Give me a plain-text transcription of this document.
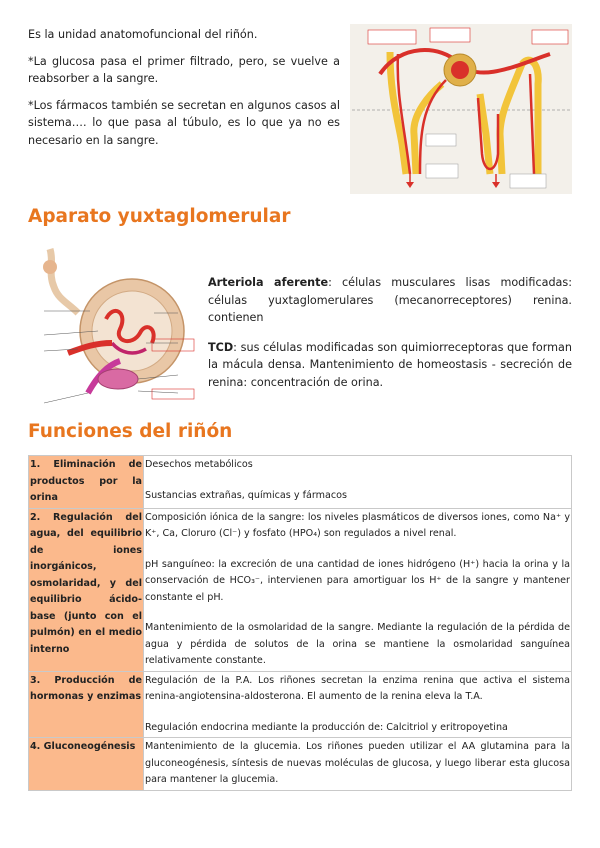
Es la unidad anatomofuncional del riñón.

*La glucosa pasa el primer filtrado, pero, se vuelve a reabsorber a la sangre.

*Los fármacos también se secretan en algunos casos al sistema…. lo que pasa al túbulo, es lo que ya no es necesario en la sangre.

Aparato yuxtaglomerular

Arteriola aferente: células musculares lisas modificadas: células yuxtaglomerulares (mecanorreceptores) renina. contienen

TCD: sus células modificadas son quimiorreceptoras que forman la mácula densa. Mantenimiento de homeostasis - secreción de renina: concentración de orina.

Funciones del riñón
1. Eliminación de productos por la orina	Desechos metabólicos

Sustancias extrañas, químicas y fármacos

2. Regulación del agua, del equilibrio de iones inorgánicos, osmolaridad, y del equilibrio ácido-base (junto con el pulmón) en el medio interno	Composición iónica de la sangre: los niveles plasmáticos de diversos iones, como Na⁺ y K⁺, Ca, Cloruro (Cl⁻) y fosfato (HPO₄) son regulados a nivel renal.

pH sanguíneo: la excreción de una cantidad de iones hidrógeno (H⁺) hacia la orina y la conservación de HCO₃⁻, intervienen para amortiguar los H⁺ de la sangre y mantener constante el pH.

Mantenimiento de la osmolaridad de la sangre. Mediante la regulación de la pérdida de agua y pérdida de solutos de la orina se mantiene la osmolaridad sanguínea relativamente constante.

3. Producción de hormonas y enzimas	Regulación de la P.A. Los riñones secretan la enzima renina que activa el sistema renina-angiotensina-aldosterona. El aumento de la renina eleva la T.A.

Regulación endocrina mediante la producción de: Calcitriol y eritropoyetina

4. Gluconeogénesis	Mantenimiento de la glucemia. Los riñones pueden utilizar el AA glutamina para la gluconeogénesis, síntesis de nuevas moléculas de glucosa, y luego liberar esta glucosa para mantener la glucemia.
